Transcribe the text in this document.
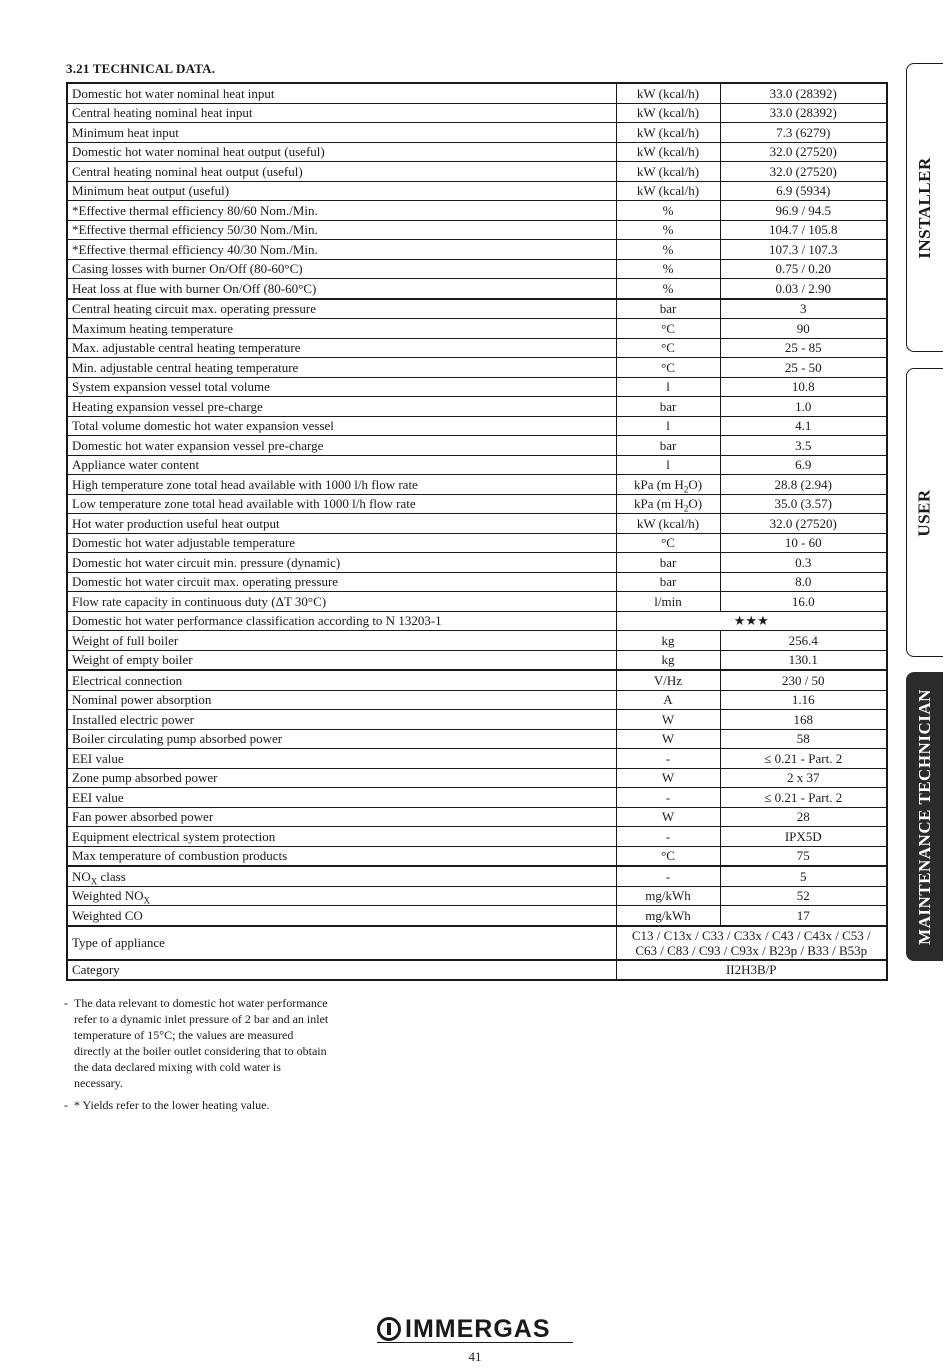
3.21 TECHNICAL DATA.
Domestic hot water nominal heat input	kW (kcal/h)	33.0 (28392)
Central heating nominal heat input	kW (kcal/h)	33.0 (28392)
Minimum heat input	kW (kcal/h)	7.3 (6279)
Domestic hot water nominal heat output (useful)	kW (kcal/h)	32.0 (27520)
Central heating nominal heat output (useful)	kW (kcal/h)	32.0 (27520)
Minimum heat output (useful)	kW (kcal/h)	6.9 (5934)
*Effective thermal efficiency 80/60 Nom./Min.	%	96.9 / 94.5
*Effective thermal efficiency 50/30 Nom./Min.	%	104.7 / 105.8
*Effective thermal efficiency 40/30 Nom./Min.	%	107.3 / 107.3
Casing losses with burner On/Off (80-60°C)	%	0.75 / 0.20
Heat loss at flue with burner On/Off (80-60°C)	%	0.03 / 2.90
Central heating circuit max. operating pressure	bar	3
Maximum heating temperature	°C	90
Max. adjustable central heating temperature	°C	25 - 85
Min. adjustable central heating temperature	°C	25 - 50
System expansion vessel total volume	l	10.8
Heating expansion vessel pre-charge	bar	1.0
Total volume domestic hot water expansion vessel	l	4.1
Domestic hot water expansion vessel pre-charge	bar	3.5
Appliance water content	l	6.9
High temperature zone total head available with 1000 l/h flow rate	kPa (m $H_2O$)	28.8 (2.94)
Low temperature zone total head available with 1000 l/h flow rate	kPa (m $H_2O$)	35.0 (3.57)
Hot water production useful heat output	kW (kcal/h)	32.0 (27520)
Domestic hot water adjustable temperature	°C	10 - 60
Domestic hot water circuit min. pressure (dynamic)	bar	0.3
Domestic hot water circuit max. operating pressure	bar	8.0
Flow rate capacity in continuous duty (ΔT 30°C)	l/min	16.0
Domestic hot water performance classification according to N 13203-1	★★★	
Weight of full boiler	kg	256.4
Weight of empty boiler	kg	130.1
Electrical connection	V/Hz	230 / 50
Nominal power absorption	A	1.16
Installed electric power	W	168
Boiler circulating pump absorbed power	W	58
EEI value	-	≤ 0.21 - Part. 2
Zone pump absorbed power	W	2 x 37
EEI value	-	≤ 0.21 - Part. 2
Fan power absorbed power	W	28
Equipment electrical system protection	-	IPX5D
Max temperature of combustion products	°C	75
$NO_X$ class	-	5
Weighted $NO_X$	mg/kWh	52
Weighted CO	mg/kWh	17
Type of appliance	C13 / C13x / C33 / C33x / C43 / C43x / C53 /
C63 / C83 / C93 / C93x / B23p / B33 / B53p	

Category	II2H3B/P	
- The data relevant to domestic hot water performance refer to a dynamic inlet pressure of 2 bar and an inlet temperature of 15°C; the values are measured directly at the boiler outlet considering that to obtain the data declared mixing with cold water is necessary.
- * Yields refer to the lower heating value.
INSTALLER
USER
MAINTENANCE TECHNICIAN
IMMERGAS
41
